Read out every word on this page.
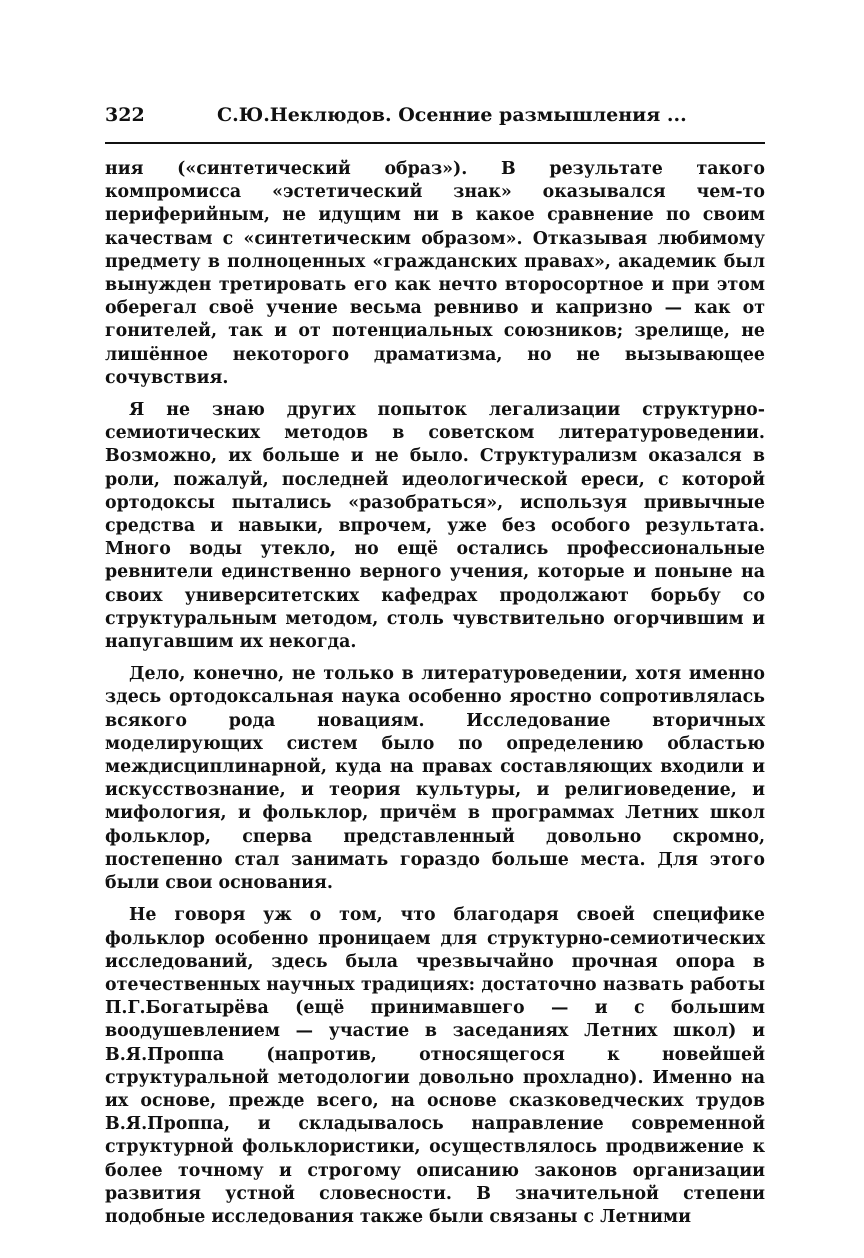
322	С.Ю.Неклюдов. Осенние размышления ...

ния («синтетический образ»). В результате такого компромисса «эстетический знак» оказывался чем-то периферийным, не идущим ни в какое сравнение по своим качествам с «синтетическим образом». Отказывая любимому предмету в полноценных «гражданских правах», академик был вынужден третировать его как нечто второсортное и при этом оберегал своё учение весьма ревниво и капризно — как от гонителей, так и от потенциальных союзников; зрелище, не лишённое некоторого драматизма, но не вызывающее сочувствия.

Я не знаю других попыток легализации структурно-семиотических методов в советском литературоведении. Возможно, их больше и не было. Структурализм оказался в роли, пожалуй, последней идеологической ереси, с которой ортодоксы пытались «разобраться», используя привычные средства и навыки, впрочем, уже без особого результата. Много воды утекло, но ещё остались профессиональные ревнители единственно верного учения, которые и поныне на своих университетских кафедрах продолжают борьбу со структуральным методом, столь чувствительно огорчившим и напугавшим их некогда.

Дело, конечно, не только в литературоведении, хотя именно здесь ортодоксальная наука особенно яростно сопротивлялась всякого рода новациям. Исследование вторичных моделирующих систем было по определению областью междисциплинарной, куда на правах составляющих входили и искусствознание, и теория культуры, и религиоведение, и мифология, и фольклор, причём в программах Летних школ фольклор, сперва представленный довольно скромно, постепенно стал занимать гораздо больше места. Для этого были свои основания.

Не говоря уж о том, что благодаря своей специфике фольклор особенно проницаем для структурно-семиотических исследований, здесь была чрезвычайно прочная опора в отечественных научных традициях: достаточно назвать работы П.Г.Богатырёва (ещё принимавшего — и с большим воодушевлением — участие в заседаниях Летних школ) и В.Я.Проппа (напротив, относящегося к новейшей структуральной методологии довольно прохладно). Именно на их основе, прежде всего, на основе сказковедческих трудов В.Я.Проппа, и складывалось направление современной структурной фольклористики, осуществлялось продвижение к более точному и строгому описанию законов организации развития устной словесности. В значительной степени подобные исследования также были связаны с Летними
